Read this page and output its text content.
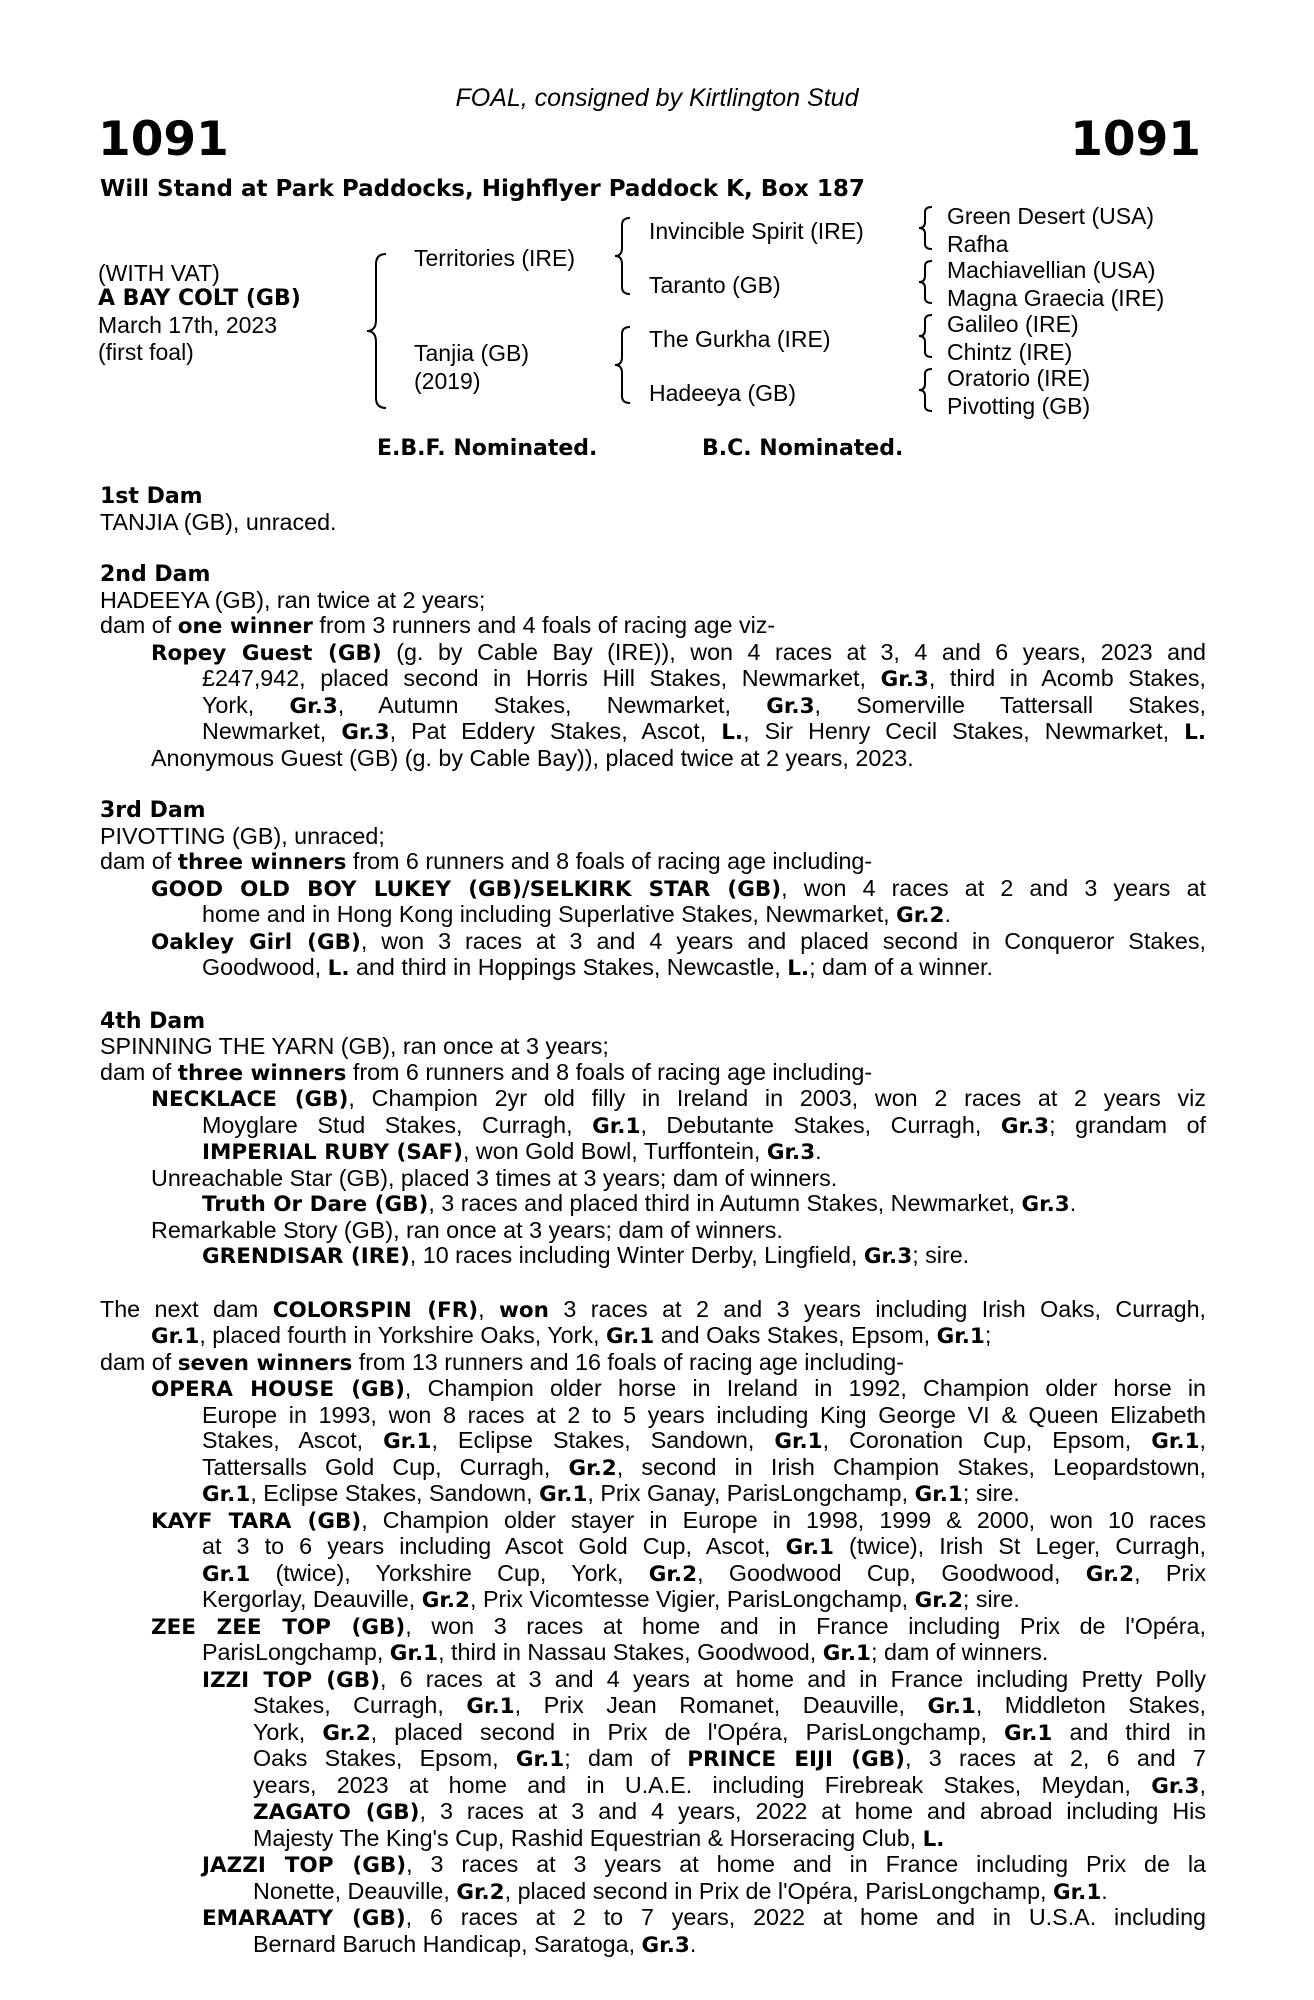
FOAL, consigned by Kirtlington Stud
1091	1091
Will Stand at Park Paddocks, Highflyer Paddock K, Box 187
(WITH VAT)
A BAY COLT (GB)
March 17th, 2023
(first foal)
Territories (IRE)
Tanjia (GB)
(2019)
Invincible Spirit (IRE)
Taranto (GB)
The Gurkha (IRE)
Hadeeya (GB)
Green Desert (USA)
Rafha
Machiavellian (USA)
Magna Graecia (IRE)
Galileo (IRE)
Chintz (IRE)
Oratorio (IRE)
Pivotting (GB)
E.B.F. Nominated.	B.C. Nominated.
1st Dam
TANJIA (GB), unraced.
2nd Dam
HADEEYA (GB), ran twice at 2 years;
dam of one winner from 3 runners and 4 foals of racing age viz-
Ropey Guest (GB) (g. by Cable Bay (IRE)), won 4 races at 3, 4 and 6 years, 2023 and
£247,942, placed second in Horris Hill Stakes, Newmarket, Gr.3, third in Acomb Stakes,
York, Gr.3, Autumn Stakes, Newmarket, Gr.3, Somerville Tattersall Stakes,
Newmarket, Gr.3, Pat Eddery Stakes, Ascot, L., Sir Henry Cecil Stakes, Newmarket, L.
Anonymous Guest (GB) (g. by Cable Bay)), placed twice at 2 years, 2023.
3rd Dam
PIVOTTING (GB), unraced;
dam of three winners from 6 runners and 8 foals of racing age including-
GOOD OLD BOY LUKEY (GB)/SELKIRK STAR (GB), won 4 races at 2 and 3 years at
home and in Hong Kong including Superlative Stakes, Newmarket, Gr.2.
Oakley Girl (GB), won 3 races at 3 and 4 years and placed second in Conqueror Stakes,
Goodwood, L. and third in Hoppings Stakes, Newcastle, L.; dam of a winner.
4th Dam
SPINNING THE YARN (GB), ran once at 3 years;
dam of three winners from 6 runners and 8 foals of racing age including-
NECKLACE (GB), Champion 2yr old filly in Ireland in 2003, won 2 races at 2 years viz
Moyglare Stud Stakes, Curragh, Gr.1, Debutante Stakes, Curragh, Gr.3; grandam of
IMPERIAL RUBY (SAF), won Gold Bowl, Turffontein, Gr.3.
Unreachable Star (GB), placed 3 times at 3 years; dam of winners.
Truth Or Dare (GB), 3 races and placed third in Autumn Stakes, Newmarket, Gr.3.
Remarkable Story (GB), ran once at 3 years; dam of winners.
GRENDISAR (IRE), 10 races including Winter Derby, Lingfield, Gr.3; sire.
The next dam COLORSPIN (FR), won 3 races at 2 and 3 years including Irish Oaks, Curragh,
Gr.1, placed fourth in Yorkshire Oaks, York, Gr.1 and Oaks Stakes, Epsom, Gr.1;
dam of seven winners from 13 runners and 16 foals of racing age including-
OPERA HOUSE (GB), Champion older horse in Ireland in 1992, Champion older horse in
Europe in 1993, won 8 races at 2 to 5 years including King George VI & Queen Elizabeth
Stakes, Ascot, Gr.1, Eclipse Stakes, Sandown, Gr.1, Coronation Cup, Epsom, Gr.1,
Tattersalls Gold Cup, Curragh, Gr.2, second in Irish Champion Stakes, Leopardstown,
Gr.1, Eclipse Stakes, Sandown, Gr.1, Prix Ganay, ParisLongchamp, Gr.1; sire.
KAYF TARA (GB), Champion older stayer in Europe in 1998, 1999 & 2000, won 10 races
at 3 to 6 years including Ascot Gold Cup, Ascot, Gr.1 (twice), Irish St Leger, Curragh,
Gr.1 (twice), Yorkshire Cup, York, Gr.2, Goodwood Cup, Goodwood, Gr.2, Prix
Kergorlay, Deauville, Gr.2, Prix Vicomtesse Vigier, ParisLongchamp, Gr.2; sire.
ZEE ZEE TOP (GB), won 3 races at home and in France including Prix de l'Opéra,
ParisLongchamp, Gr.1, third in Nassau Stakes, Goodwood, Gr.1; dam of winners.
IZZI TOP (GB), 6 races at 3 and 4 years at home and in France including Pretty Polly
Stakes, Curragh, Gr.1, Prix Jean Romanet, Deauville, Gr.1, Middleton Stakes,
York, Gr.2, placed second in Prix de l'Opéra, ParisLongchamp, Gr.1 and third in
Oaks Stakes, Epsom, Gr.1; dam of PRINCE EIJI (GB), 3 races at 2, 6 and 7
years, 2023 at home and in U.A.E. including Firebreak Stakes, Meydan, Gr.3,
ZAGATO (GB), 3 races at 3 and 4 years, 2022 at home and abroad including His
Majesty The King's Cup, Rashid Equestrian & Horseracing Club, L.
JAZZI TOP (GB), 3 races at 3 years at home and in France including Prix de la
Nonette, Deauville, Gr.2, placed second in Prix de l'Opéra, ParisLongchamp, Gr.1.
EMARAATY (GB), 6 races at 2 to 7 years, 2022 at home and in U.S.A. including
Bernard Baruch Handicap, Saratoga, Gr.3.
